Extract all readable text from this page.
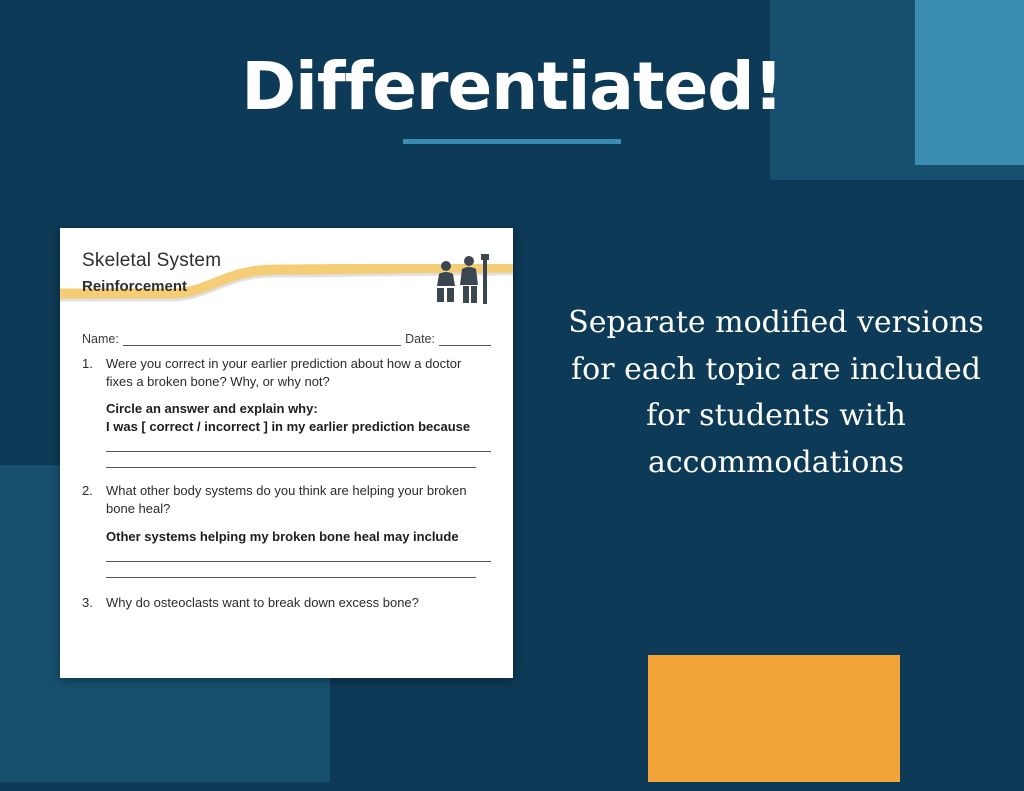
Differentiated!
Separate modified versions for each topic are included for students with accommodations
Skeletal System
Reinforcement
Name:	Date:
1.	Were you correct in your earlier prediction about how a doctor fixes a broken bone? Why, or why not?
Circle an answer and explain why:
I was [ correct / incorrect ] in my earlier prediction because
2.	What other body systems do you think are helping your broken bone heal?
Other systems helping my broken bone heal may include
3.	Why do osteoclasts want to break down excess bone?
